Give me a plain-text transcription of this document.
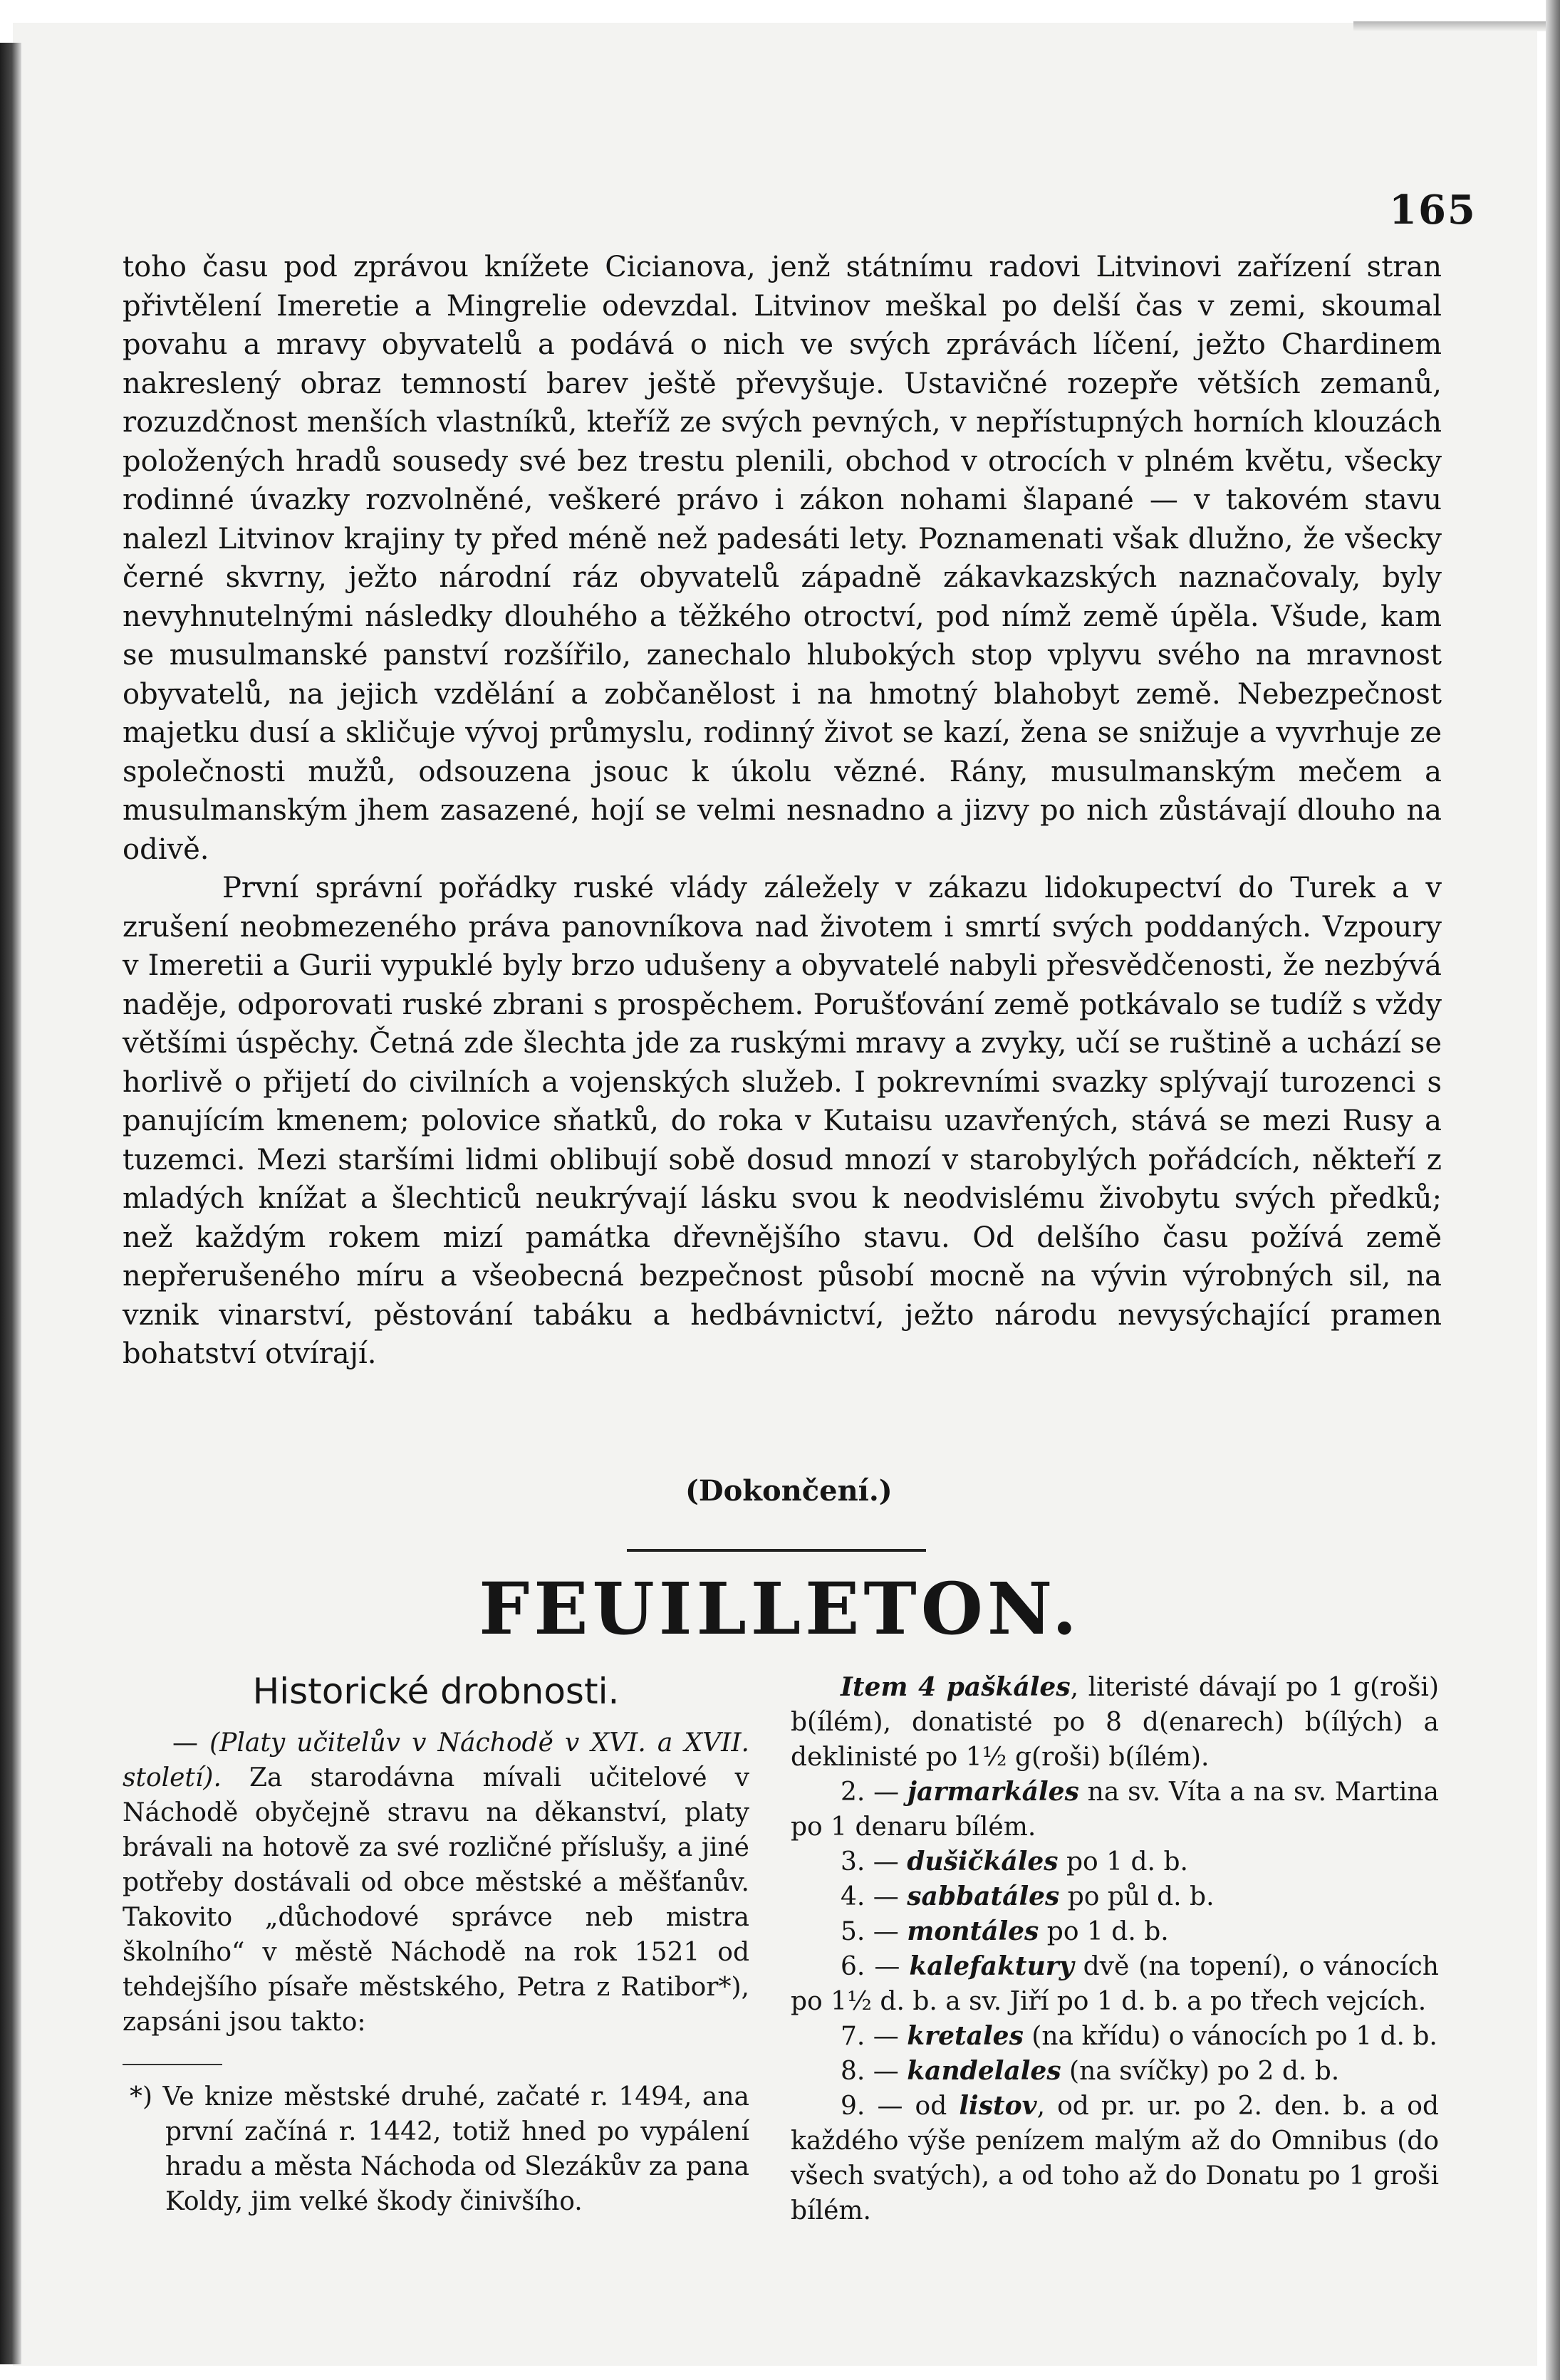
165

toho času pod zprávou knížete Cicianova, jenž státnímu radovi Litvinovi zařízení stran přivtělení Imeretie a Mingrelie odevzdal. Litvinov meškal po delší čas v zemi, skoumal povahu a mravy obyvatelů a podává o nich ve svých zprávách líčení, ježto Chardinem nakreslený obraz temností barev ještě převyšuje. Ustavičné rozepře větších zemanů, rozuzdčnost menších vlastníků, kteříž ze svých pevných, v nepřístupných horních klouzách položených hradů sousedy své bez trestu plenili, obchod v otrocích v plném květu, všecky rodinné úvazky rozvolněné, veškeré právo i zákon nohami šlapané — v takovém stavu nalezl Litvinov krajiny ty před méně než padesáti lety. Poznamenati však dlužno, že všecky černé skvrny, ježto národní ráz obyvatelů západně zákavkazských naznačovaly, byly nevyhnutelnými následky dlouhého a těžkého otroctví, pod nímž země úpěla. Všude, kam se musulmanské panství rozšířilo, zanechalo hlubokých stop vplyvu svého na mravnost obyvatelů, na jejich vzdělání a zobčanělost i na hmotný blahobyt země. Nebezpečnost majetku dusí a skličuje vývoj průmyslu, rodinný život se kazí, žena se snižuje a vyvrhuje ze společnosti mužů, odsouzena jsouc k úkolu vězné. Rány, musulmanským mečem a musulmanským jhem zasazené, hojí se velmi nesnadno a jizvy po nich zůstávají dlouho na odivě.

První správní pořádky ruské vlády záležely v zákazu lidokupectví do Turek a v zrušení neobmezeného práva panovníkova nad životem i smrtí svých poddaných. Vzpoury v Imeretii a Gurii vypuklé byly brzo udušeny a obyvatelé nabyli přesvědčenosti, že nezbývá naděje, odporovati ruské zbrani s prospěchem. Porušťování země potkávalo se tudíž s vždy většími úspěchy. Četná zde šlechta jde za ruskými mravy a zvyky, učí se ruštině a uchází se horlivě o přijetí do civilních a vojenských služeb. I pokrevními svazky splývají turozenci s panujícím kmenem; polovice sňatků, do roka v Kutaisu uzavřených, stává se mezi Rusy a tuzemci. Mezi staršími lidmi oblibují sobě dosud mnozí v starobylých pořádcích, někteří z mladých knížat a šlechticů neukrývají lásku svou k neodvislému živobytu svých předků; než každým rokem mizí památka dřevnějšího stavu. Od delšího času požívá země nepřerušeného míru a všeobecná bezpečnost působí mocně na vývin výrobných sil, na vznik vinarství, pěstování tabáku a hedbávnictví, ježto národu nevysýchající pramen bohatství otvírají.

(Dokončení.)
FEUILLETON.
Historické drobnosti.

— (Platy učitelův v Náchodě v XVI. a XVII. století). Za starodávna mívali učitelové v Náchodě obyčejně stravu na děkanství, platy brávali na hotově za své rozličné příslušy, a jiné potřeby dostávali od obce městské a měšťanův. Takovito „důchodové správce neb mistra školního“ v městě Náchodě na rok 1521 od tehdejšího písaře městského, Petra z Ratibor*), zapsáni jsou takto:

*) Ve knize městské druhé, začaté r. 1494, ana první začíná r. 1442, totiž hned po vypálení hradu a města Náchoda od Slezákův za pana Koldy, jim velké škody činivšího.

Item 4 paškáles, literisté dávají po 1 g(roši) b(ílém), donatisté po 8 d(enarech) b(ílých) a deklinisté po 1½ g(roši) b(ílém).

2. — jarmarkáles na sv. Víta a na sv. Martina po 1 denaru bílém.

3. — dušičkáles po 1 d. b.

4. — sabbatáles po půl d. b.

5. — montáles po 1 d. b.

6. — kalefaktury dvě (na topení), o vánocích po 1½ d. b. a sv. Jiří po 1 d. b. a po třech vejcích.

7. — kretales (na křídu) o vánocích po 1 d. b.

8. — kandelales (na svíčky) po 2 d. b.

9. — od listov, od pr. ur. po 2. den. b. a od každého výše penízem malým až do Omnibus (do všech svatých), a od toho až do Donatu po 1 groši bílém.
